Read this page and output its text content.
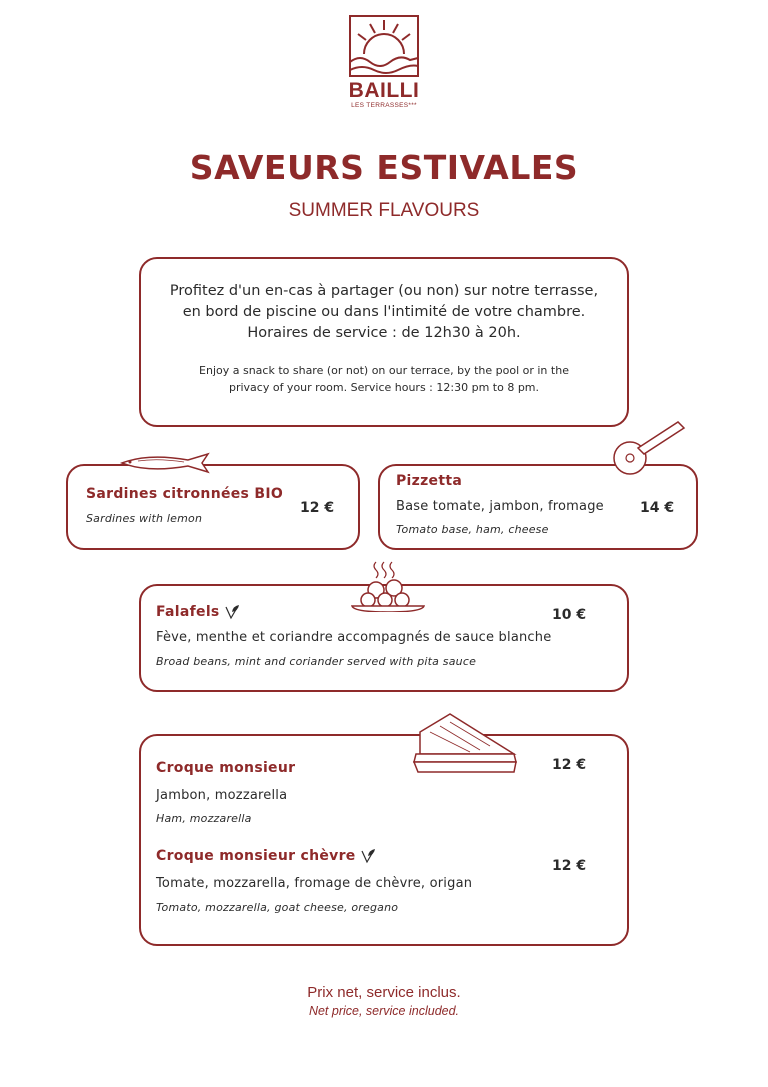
BAILLI
LES TERRASSES***
SAVEURS ESTIVALES
SUMMER FLAVOURS
Profitez d'un en-cas à partager (ou non) sur notre terrasse,
en bord de piscine ou dans l'intimité de votre chambre.
Horaires de service : de 12h30 à 20h.
Enjoy a snack to share (or not) on our terrace, by the pool or in the
privacy of your room. Service hours : 12:30 pm to 8 pm.
Sardines citronnées BIO
Sardines with lemon
12 €
Pizzetta
Base tomate, jambon, fromage
Tomato base, ham, cheese
14 €
Falafels
Fève, menthe et coriandre accompagnés de sauce blanche
Broad beans, mint and coriander served with pita sauce
10 €
Croque monsieur
Jambon, mozzarella
Ham, mozzarella
12 €
Croque monsieur chèvre
Tomate, mozzarella, fromage de chèvre, origan
Tomato, mozzarella, goat cheese, oregano
12 €
Prix net, service inclus.
Net price, service included.
